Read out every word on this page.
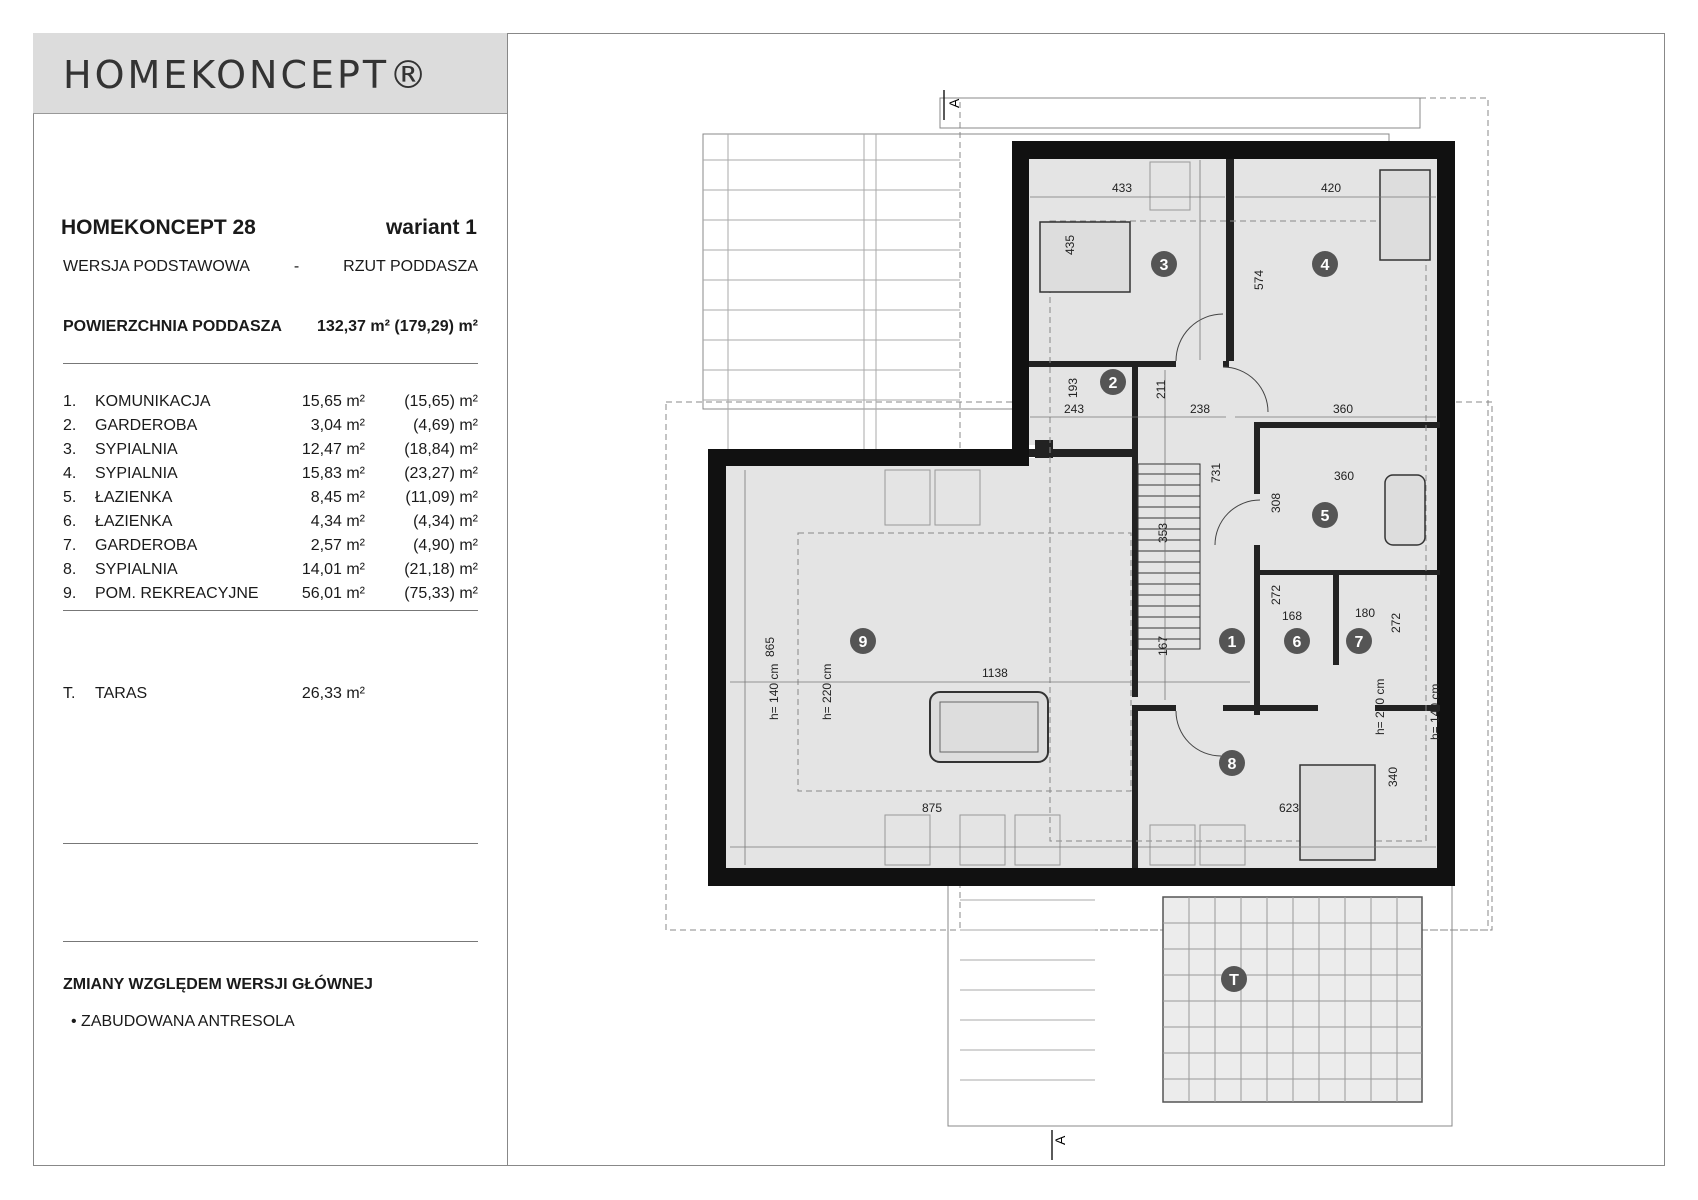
HOMEKONCEPT®
HOMEKONCEPT 28	wariant 1
WERSJA PODSTAWOWA	-	RZUT PODDASZA
POWIERZCHNIA PODDASZA 132,37 m² (179,29) m²
1.	KOMUNIKACJA	15,65 m²	(15,65) m²
2.	GARDEROBA	3,04 m²	(4,69) m²
3.	SYPIALNIA	12,47 m²	(18,84) m²
4.	SYPIALNIA	15,83 m²	(23,27) m²
5.	ŁAZIENKA	8,45 m²	(11,09) m²
6.	ŁAZIENKA	4,34 m²	(4,34) m²
7.	GARDEROBA	2,57 m²	(4,90) m²
8.	SYPIALNIA	14,01 m²	(21,18) m²
9.	POM. REKREACYJNE	56,01 m²	(75,33) m²
T.	TARAS	26,33 m²
ZMIANY WZGLĘDEM WERSJI GŁÓWNEJ
• ZABUDOWANA ANTRESOLA
A
A
433	420
435
574
193
243
211
238	360
360
731
308
353
272
168	180 272
865
1138
167
875	623
340
h= 140 cm	h= 220 cm	h= 220 cm	h= 140 cm
1
2
3	4
5
6	7
8
9
T
